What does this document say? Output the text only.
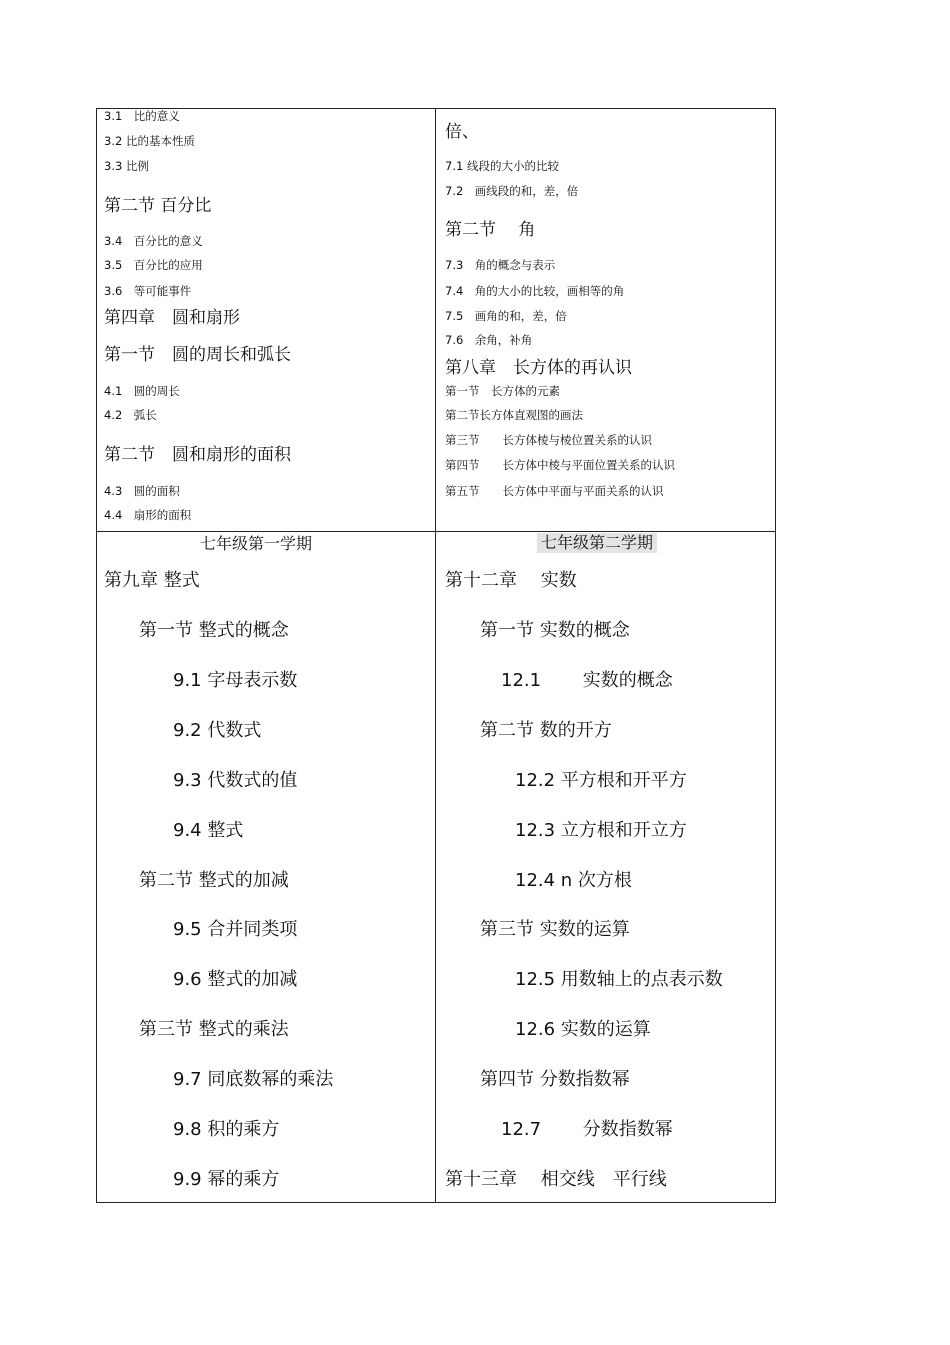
3.1　比的意义
3.2 比的基本性质
3.3 比例
第二节 百分比
3.4　百分比的意义
3.5　百分比的应用
3.6　等可能事件
第四章　圆和扇形
第一节　圆的周长和弧长
4.1　圆的周长
4.2　弧长
第二节　圆和扇形的面积
4.3　圆的面积
4.4　扇形的面积
倍、
7.1 线段的大小的比较
7.2　画线段的和，差，倍
第二节　 角
7.3　角的概念与表示
7.4　角的大小的比较，画相等的角
7.5　画角的和，差，倍
7.6　余角，补角
第八章　长方体的再认识
第一节　长方体的元素
第二节长方体直观图的画法
第三节　　长方体棱与棱位置关系的认识
第四节　　长方体中棱与平面位置关系的认识
第五节　　长方体中平面与平面关系的认识
七年级第一学期
第九章 整式
第一节 整式的概念
9.1 字母表示数
9.2 代数式
9.3 代数式的值
9.4 整式
第二节 整式的加减
9.5 合并同类项
9.6 整式的加减
第三节 整式的乘法
9.7 同底数幂的乘法
9.8 积的乘方
9.9 幂的乘方
七年级第二学期
第十二章　 实数
第一节 实数的概念
12.1　　 实数的概念
第二节 数的开方
12.2 平方根和开平方
12.3 立方根和开立方
12.4 n 次方根
第三节 实数的运算
12.5 用数轴上的点表示数
12.6 实数的运算
第四节 分数指数幂
12.7　　 分数指数幂
第十三章　 相交线　平行线
